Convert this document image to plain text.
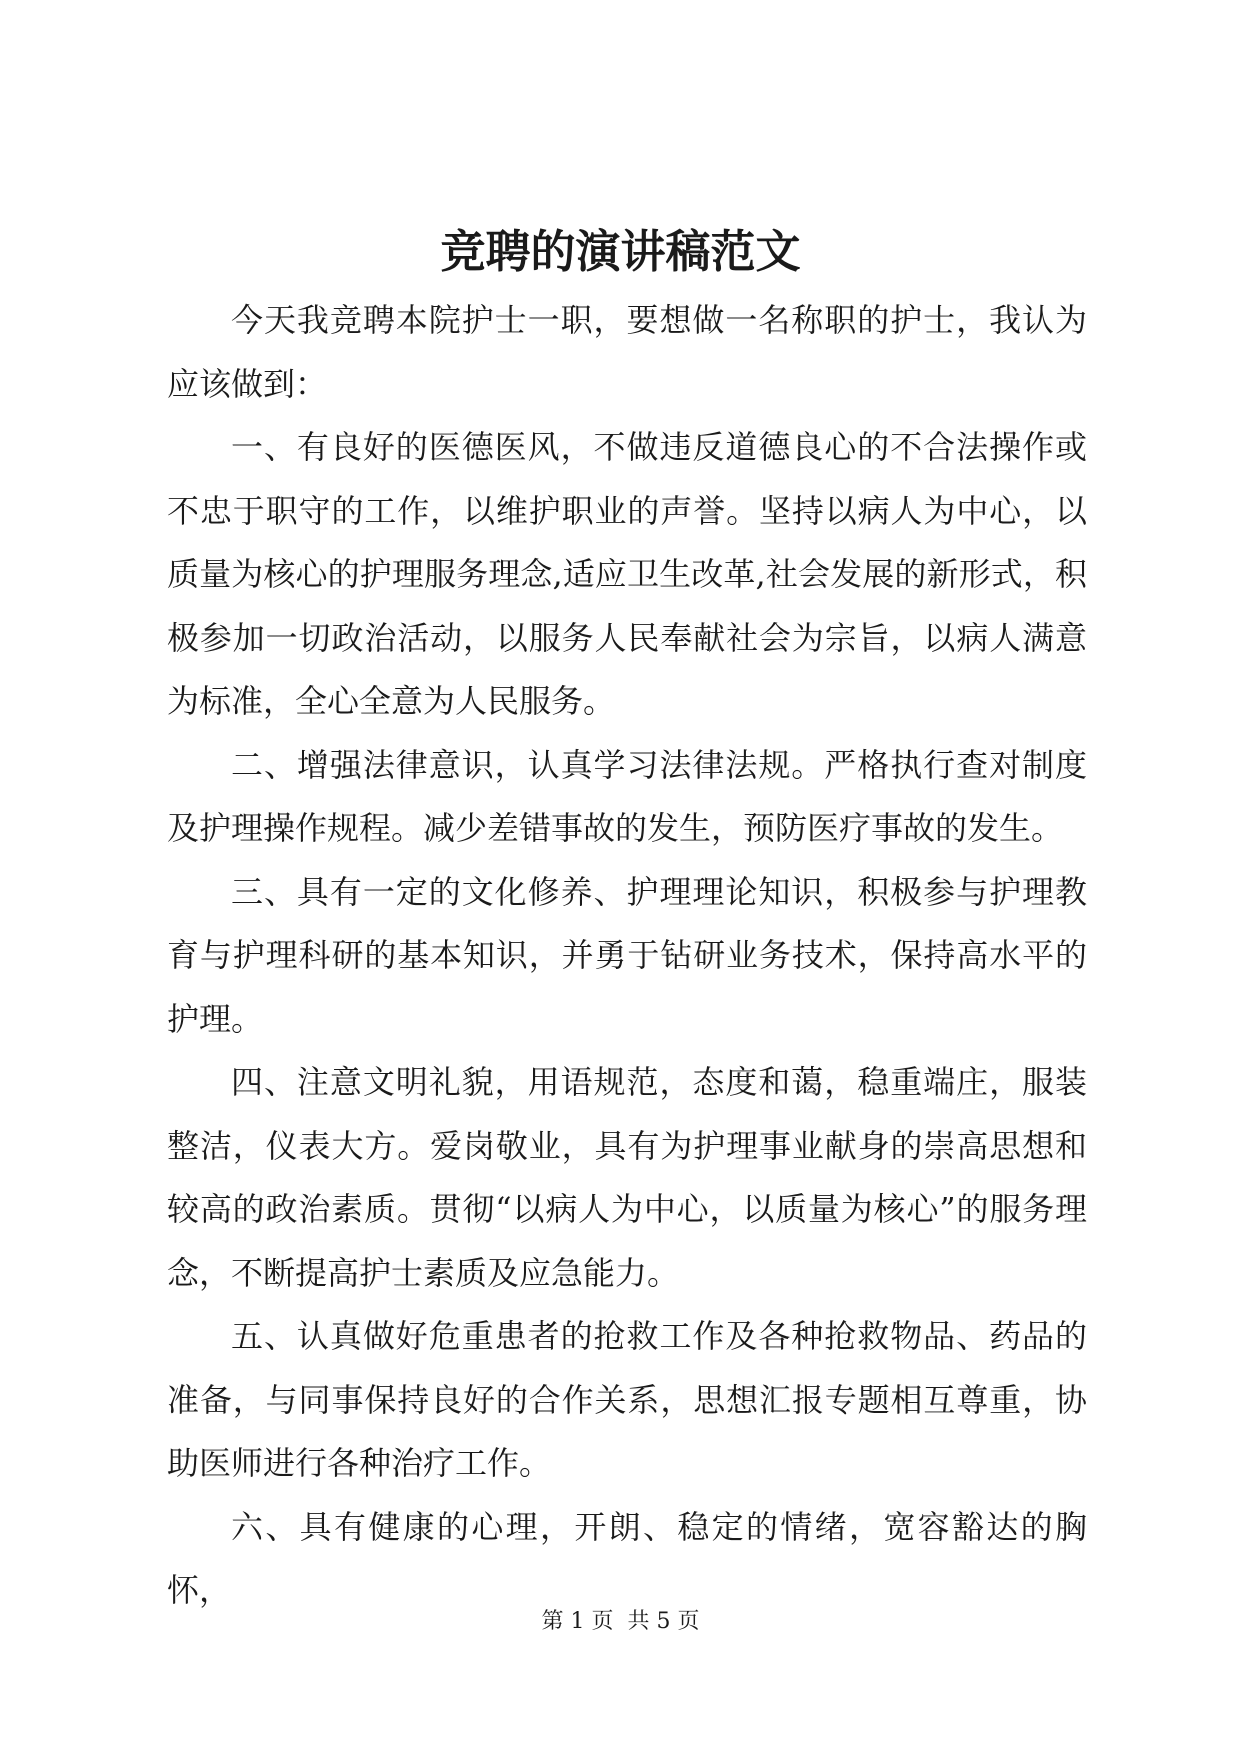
竞聘的演讲稿范文

今天我竞聘本院护士一职，要想做一名称职的护士，我认为应该做到：

一、有良好的医德医风，不做违反道德良心的不合法操作或不忠于职守的工作，以维护职业的声誉。坚持以病人为中心，以质量为核心的护理服务理念,适应卫生改革,社会发展的新形式，积极参加一切政治活动，以服务人民奉献社会为宗旨，以病人满意为标准，全心全意为人民服务。

二、增强法律意识，认真学习法律法规。严格执行查对制度及护理操作规程。减少差错事故的发生，预防医疗事故的发生。

三、具有一定的文化修养、护理理论知识，积极参与护理教育与护理科研的基本知识，并勇于钻研业务技术，保持高水平的护理。

四、注意文明礼貌，用语规范，态度和蔼，稳重端庄，服装整洁，仪表大方。爱岗敬业，具有为护理事业献身的崇高思想和较高的政治素质。贯彻“以病人为中心，以质量为核心”的服务理念，不断提高护士素质及应急能力。

五、认真做好危重患者的抢救工作及各种抢救物品、药品的准备，与同事保持良好的合作关系，思想汇报专题相互尊重，协助医师进行各种治疗工作。

六、具有健康的心理，开朗、稳定的情绪，宽容豁达的胸怀，

第 1 页 共 5 页
